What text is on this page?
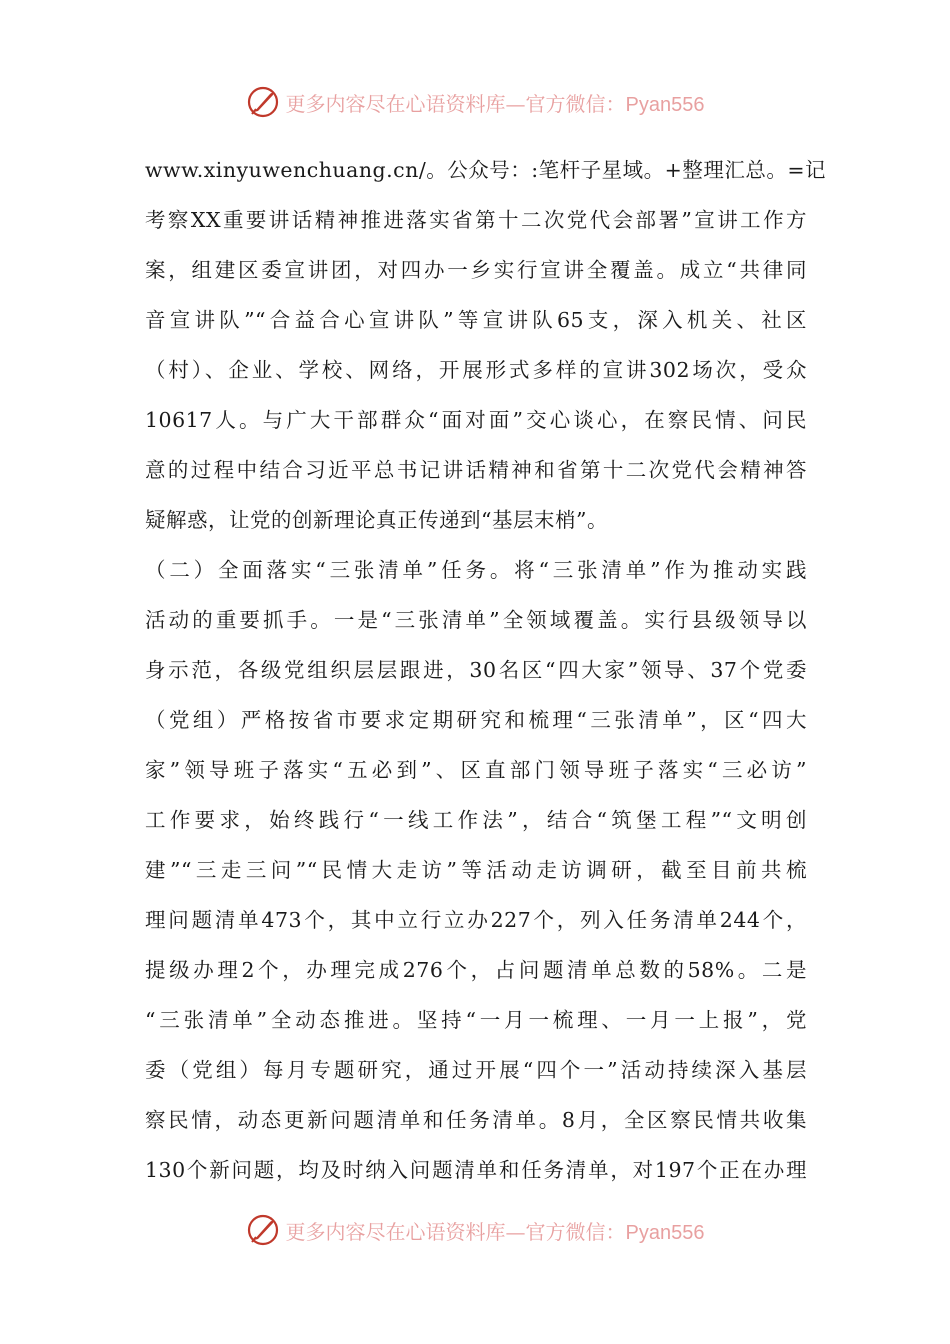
更多内容尽在心语资料库—官方微信：Pyan556
www.xinyuwenchuang.cn/。公众号：:笔杆子星域。+整理汇总。=记
考察XX重要讲话精神推进落实省第十二次党代会部署”宣讲工作方
案，组建区委宣讲团，对四办一乡实行宣讲全覆盖。成立“共律同
音宣讲队”“合益合心宣讲队”等宣讲队65支，深入机关、社区
（村）、企业、学校、网络，开展形式多样的宣讲302场次，受众
10617人。与广大干部群众“面对面”交心谈心，在察民情、问民
意的过程中结合习近平总书记讲话精神和省第十二次党代会精神答
疑解惑，让党的创新理论真正传递到“基层末梢”。
（二）全面落实“三张清单”任务。将“三张清单”作为推动实践
活动的重要抓手。一是“三张清单”全领域覆盖。实行县级领导以
身示范，各级党组织层层跟进，30名区“四大家”领导、37个党委
（党组）严格按省市要求定期研究和梳理“三张清单”，区“四大
家”领导班子落实“五必到”、区直部门领导班子落实“三必访”
工作要求，始终践行“一线工作法”，结合“筑堡工程”“文明创
建”“三走三问”“民情大走访”等活动走访调研，截至目前共梳
理问题清单473个，其中立行立办227个，列入任务清单244个，
提级办理2个，办理完成276个，占问题清单总数的58%。二是
“三张清单”全动态推进。坚持“一月一梳理、一月一上报”，党
委（党组）每月专题研究，通过开展“四个一”活动持续深入基层
察民情，动态更新问题清单和任务清单。8月，全区察民情共收集
130个新问题，均及时纳入问题清单和任务清单，对197个正在办理
更多内容尽在心语资料库—官方微信：Pyan556
